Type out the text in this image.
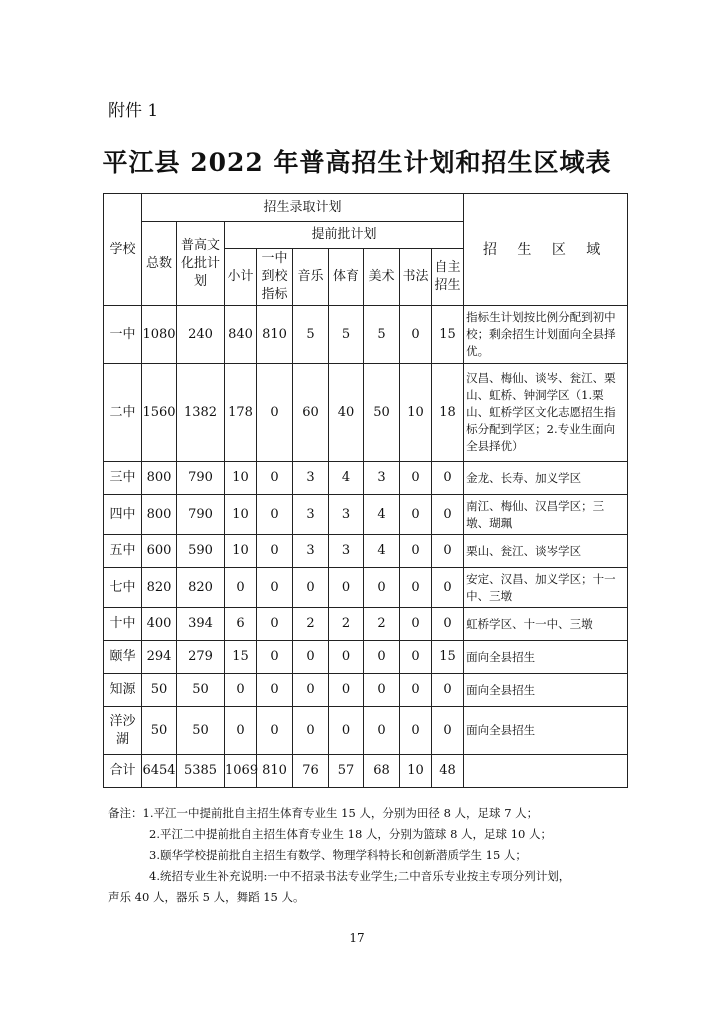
附件 1
平江县 2022 年普高招生计划和招生区域表
学校	招生录取计划									招 生 区 域
	总数	普高文化批计划	提前批计划							
			小计	一中到校指标	音乐	体育	美术	书法	自主招生	
一中	1080	240	840	810	5	5	5	0	15	指标生计划按比例分配到初中校；剩余招生计划面向全县择优。
二中	1560	1382	178	0	60	40	50	10	18	汉昌、梅仙、谈岑、瓮江、栗山、虹桥、钟洞学区（1.栗山、虹桥学区文化志愿招生指标分配到学区；2.专业生面向全县择优）
三中	800	790	10	0	3	4	3	0	0	金龙、长寿、加义学区
四中	800	790	10	0	3	3	4	0	0	南江、梅仙、汉昌学区；三墩、瑚珮
五中	600	590	10	0	3	3	4	0	0	栗山、瓮江、谈岑学区
七中	820	820	0	0	0	0	0	0	0	安定、汉昌、加义学区；十一中、三墩
十中	400	394	6	0	2	2	2	0	0	虹桥学区、十一中、三墩
颐华	294	279	15	0	0	0	0	0	15	面向全县招生
知源	50	50	0	0	0	0	0	0	0	面向全县招生
洋沙湖	50	50	0	0	0	0	0	0	0	面向全县招生
合计	6454	5385	1069	810	76	57	68	10	48	
备注：1.平江一中提前批自主招生体育专业生 15 人，分别为田径 8 人，足球 7 人；
2.平江二中提前批自主招生体育专业生 18 人，分别为篮球 8 人，足球 10 人；
3.颐华学校提前批自主招生有数学、物理学科特长和创新潜质学生 15 人；
4.统招专业生补充说明:一中不招录书法专业学生;二中音乐专业按主专项分列计划，
声乐 40 人，器乐 5 人，舞蹈 15 人。
17
